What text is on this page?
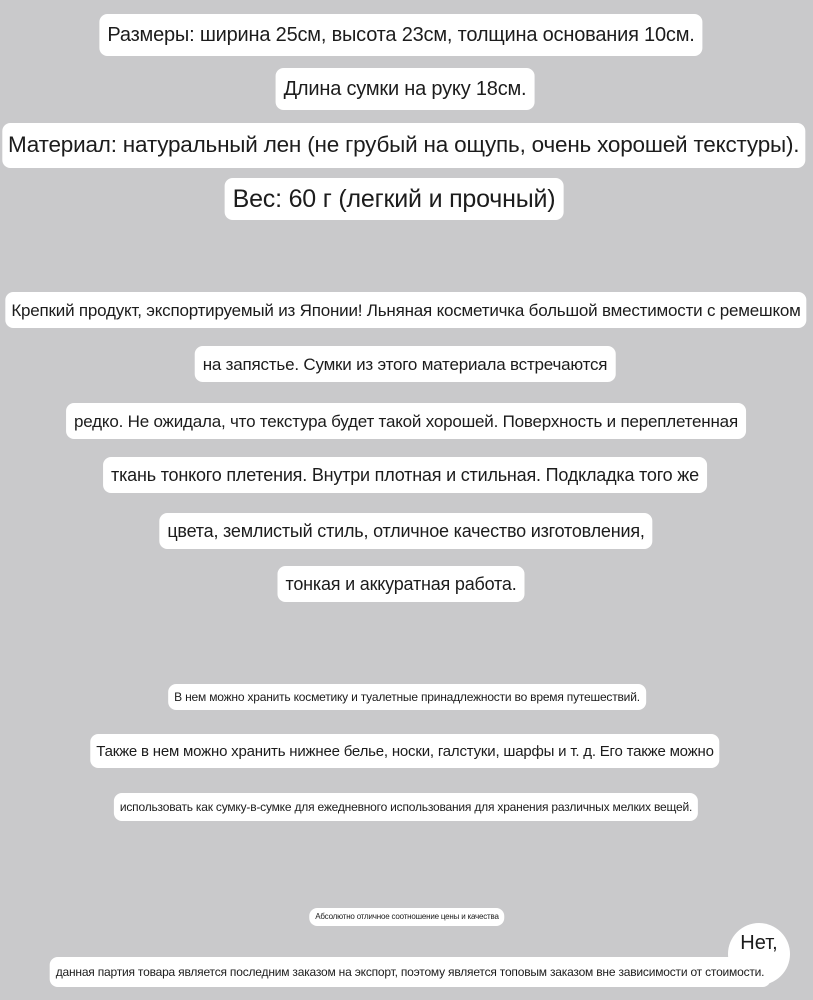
Размеры: ширина 25см, высота 23см, толщина основания 10см.
Длина сумки на руку 18см.
Материал: натуральный лен (не грубый на ощупь, очень хорошей текстуры).
Вес: 60 г (легкий и прочный)
Крепкий продукт, экспортируемый из Японии! Льняная косметичка большой вместимости с ремешком
на запястье. Сумки из этого материала встречаются
редко. Не ожидала, что текстура будет такой хорошей. Поверхность и переплетенная
ткань тонкого плетения. Внутри плотная и стильная. Подкладка того же
цвета, землистый стиль, отличное качество изготовления,
тонкая и аккуратная работа.
В нем можно хранить косметику и туалетные принадлежности во время путешествий.
Также в нем можно хранить нижнее белье, носки, галстуки, шарфы и т. д. Его также можно
использовать как сумку-в-сумке для ежедневного использования для хранения различных мелких вещей.
Абсолютно отличное соотношение цены и качества
Нет,
данная партия товара является последним заказом на экспорт, поэтому является топовым заказом вне зависимости от стоимости.
